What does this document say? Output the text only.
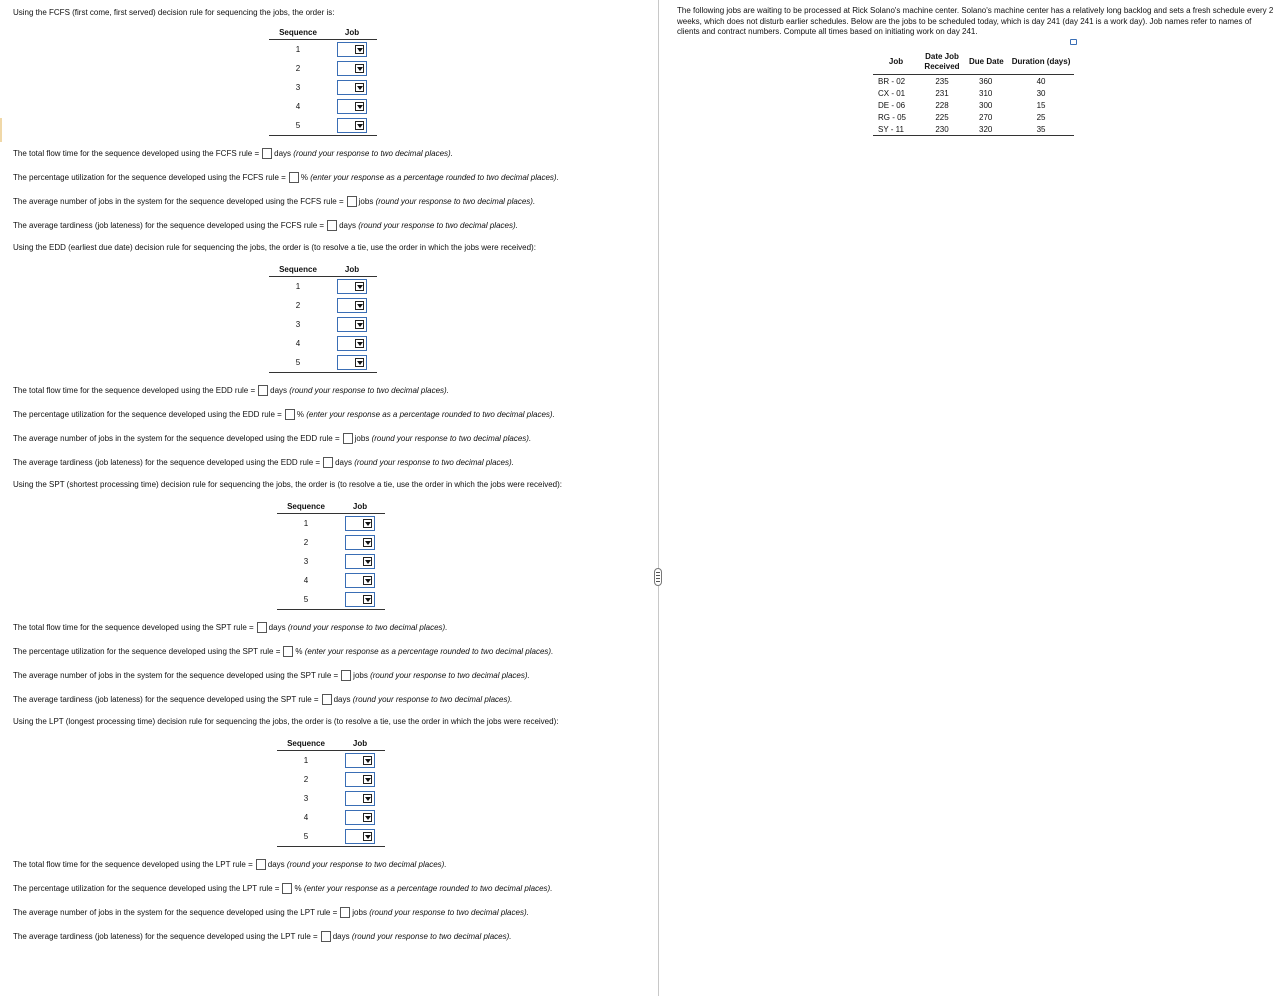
Using the FCFS (first come, first served) decision rule for sequencing the jobs, the order is:
Sequence	Job
1	

2	

3	

4	

5	
The total flow time for the sequence developed using the FCFS rule = days (round your response to two decimal places).
The percentage utilization for the sequence developed using the FCFS rule = % (enter your response as a percentage rounded to two decimal places).
The average number of jobs in the system for the sequence developed using the FCFS rule = jobs (round your response to two decimal places).
The average tardiness (job lateness) for the sequence developed using the FCFS rule = days (round your response to two decimal places).
Using the EDD (earliest due date) decision rule for sequencing the jobs, the order is (to resolve a tie, use the order in which the jobs were received):
Sequence	Job
1	

2	

3	

4	

5	
The total flow time for the sequence developed using the EDD rule = days (round your response to two decimal places).
The percentage utilization for the sequence developed using the EDD rule = % (enter your response as a percentage rounded to two decimal places).
The average number of jobs in the system for the sequence developed using the EDD rule = jobs (round your response to two decimal places).
The average tardiness (job lateness) for the sequence developed using the EDD rule = days (round your response to two decimal places).
Using the SPT (shortest processing time) decision rule for sequencing the jobs, the order is (to resolve a tie, use the order in which the jobs were received):
Sequence	Job
1	

2	

3	

4	

5	
The total flow time for the sequence developed using the SPT rule = days (round your response to two decimal places).
The percentage utilization for the sequence developed using the SPT rule = % (enter your response as a percentage rounded to two decimal places).
The average number of jobs in the system for the sequence developed using the SPT rule = jobs (round your response to two decimal places).
The average tardiness (job lateness) for the sequence developed using the SPT rule = days (round your response to two decimal places).
Using the LPT (longest processing time) decision rule for sequencing the jobs, the order is (to resolve a tie, use the order in which the jobs were received):
Sequence	Job
1	

2	

3	

4	

5	
The total flow time for the sequence developed using the LPT rule = days (round your response to two decimal places).
The percentage utilization for the sequence developed using the LPT rule = % (enter your response as a percentage rounded to two decimal places).
The average number of jobs in the system for the sequence developed using the LPT rule = jobs (round your response to two decimal places).
The average tardiness (job lateness) for the sequence developed using the LPT rule = days (round your response to two decimal places).

The following jobs are waiting to be processed at Rick Solano's machine center. Solano's machine center has a relatively long backlog and sets a fresh schedule every 2 weeks, which does not disturb earlier schedules. Below are the jobs to be scheduled today, which is day 241 (day 241 is a work day). Job names refer to names of clients and contract numbers. Compute all times based on initiating work on day 241.

Job	Date Job
Received	Due Date	Duration (days)
BR - 02	235	360	40
CX - 01	231	310	30
DE - 06	228	300	15
RG - 05	225	270	25
SY - 11	230	320	35
